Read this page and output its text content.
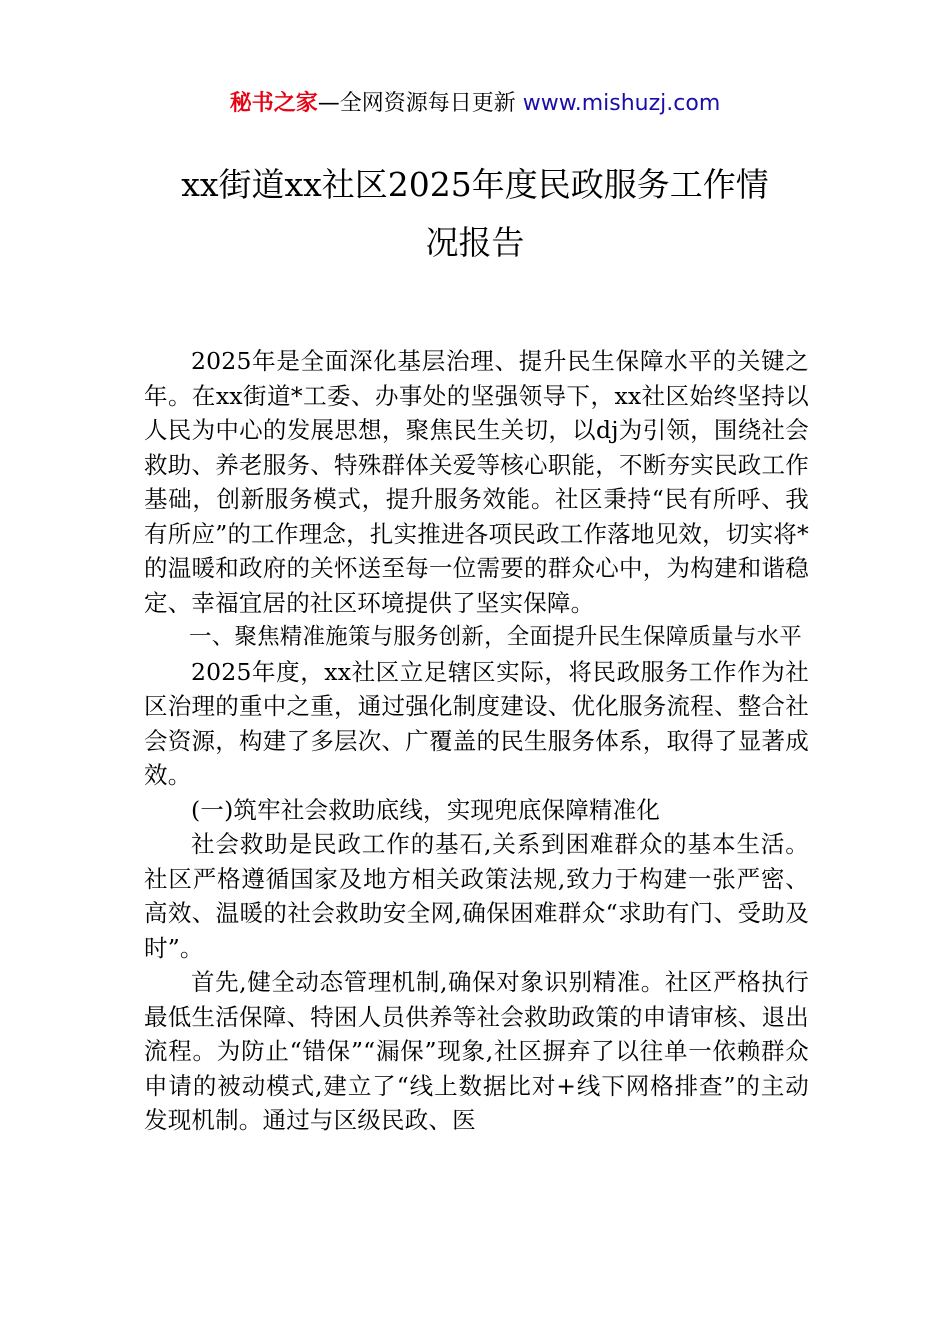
秘书之家—全网资源每日更新 www.mishuzj.com
xx街道xx社区2025年度民政服务工作情
况报告

2025年是全面深化基层治理、提升民生保障水平的关键之年。在xx街道*工委、办事处的坚强领导下，xx社区始终坚持以人民为中心的发展思想，聚焦民生关切，以dj为引领，围绕社会救助、养老服务、特殊群体关爱等核心职能，不断夯实民政工作基础，创新服务模式，提升服务效能。社区秉持“民有所呼、我有所应”的工作理念，扎实推进各项民政工作落地见效，切实将*的温暖和政府的关怀送至每一位需要的群众心中，为构建和谐稳定、幸福宜居的社区环境提供了坚实保障。

一、聚焦精准施策与服务创新，全面提升民生保障质量与水平

2025年度，xx社区立足辖区实际，将民政服务工作作为社区治理的重中之重，通过强化制度建设、优化服务流程、整合社会资源，构建了多层次、广覆盖的民生服务体系，取得了显著成效。

(一)筑牢社会救助底线，实现兜底保障精准化

社会救助是民政工作的基石,关系到困难群众的基本生活。社区严格遵循国家及地方相关政策法规,致力于构建一张严密、高效、温暖的社会救助安全网,确保困难群众“求助有门、受助及时”。

首先,健全动态管理机制,确保对象识别精准。社区严格执行最低生活保障、特困人员供养等社会救助政策的申请审核、退出流程。为防止“错保”“漏保”现象,社区摒弃了以往单一依赖群众申请的被动模式,建立了“线上数据比对+线下网格排查”的主动发现机制。通过与区级民政、医
